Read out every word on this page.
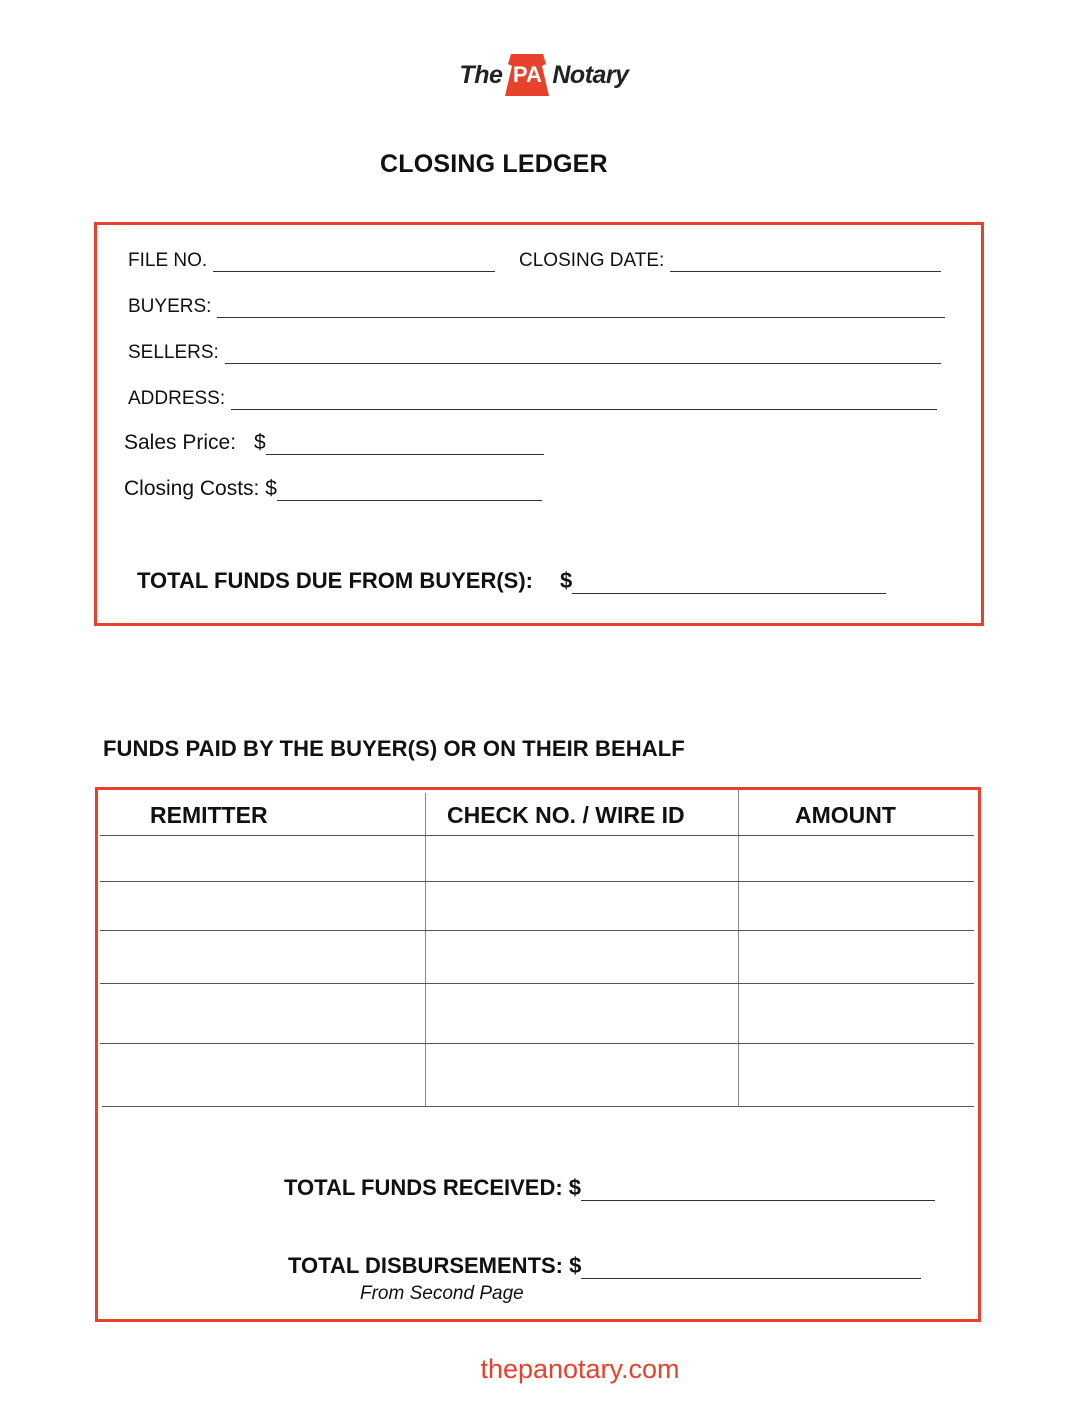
The PA Notary
CLOSING LEDGER
FILE NO.	CLOSING DATE:
BUYERS:
SELLERS:
ADDRESS:
Sales Price: $
Closing Costs: $
TOTAL FUNDS DUE FROM BUYER(S): $
FUNDS PAID BY THE BUYER(S) OR ON THEIR BEHALF
REMITTER	CHECK NO. / WIRE ID	AMOUNT
TOTAL FUNDS RECEIVED: $
TOTAL DISBURSEMENTS: $
From Second Page
thepanotary.com
